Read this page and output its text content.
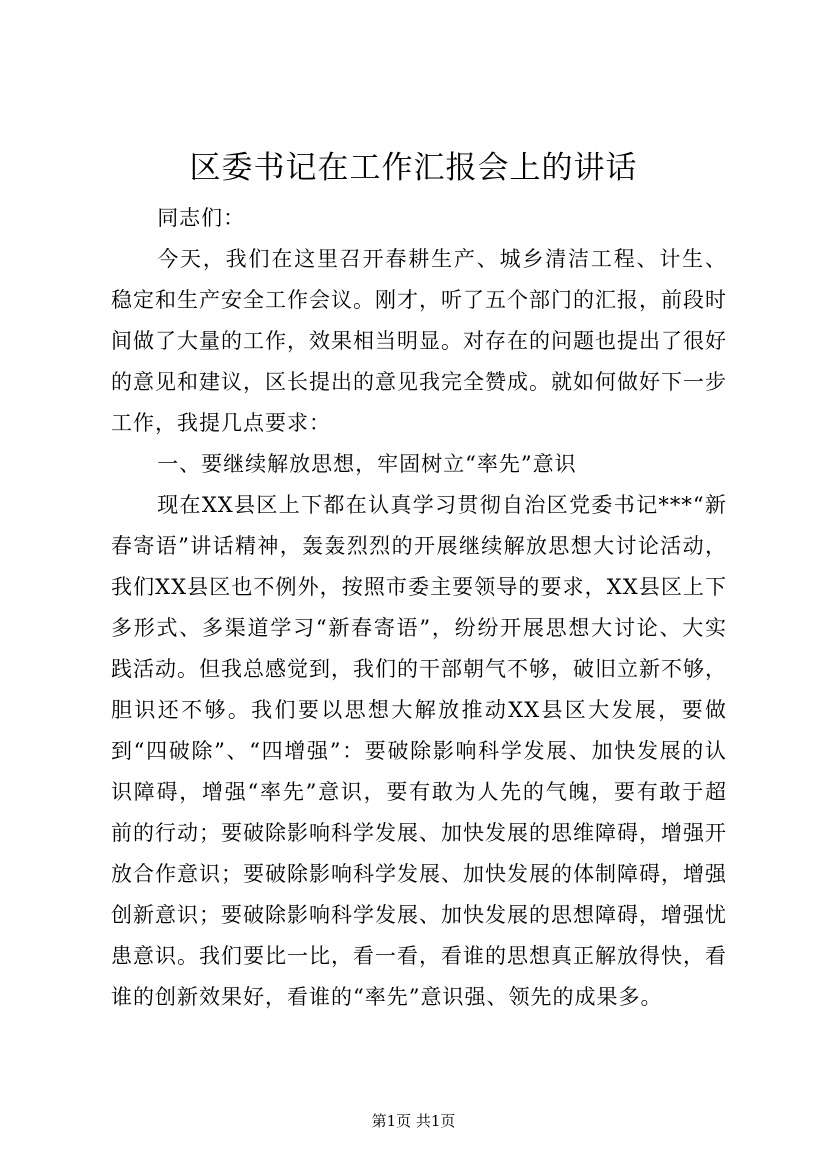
区委书记在工作汇报会上的讲话

同志们：

今天，我们在这里召开春耕生产、城乡清洁工程、计生、稳定和生产安全工作会议。刚才，听了五个部门的汇报，前段时间做了大量的工作，效果相当明显。对存在的问题也提出了很好的意见和建议，区长提出的意见我完全赞成。就如何做好下一步工作，我提几点要求：

一、要继续解放思想，牢固树立“率先”意识

现在XX县区上下都在认真学习贯彻自治区党委书记***“新春寄语”讲话精神，轰轰烈烈的开展继续解放思想大讨论活动，我们XX县区也不例外，按照市委主要领导的要求，XX县区上下多形式、多渠道学习“新春寄语”，纷纷开展思想大讨论、大实践活动。但我总感觉到，我们的干部朝气不够，破旧立新不够，胆识还不够。我们要以思想大解放推动XX县区大发展，要做到“四破除”、“四增强”：要破除影响科学发展、加快发展的认识障碍，增强“率先”意识，要有敢为人先的气魄，要有敢于超前的行动；要破除影响科学发展、加快发展的思维障碍，增强开放合作意识；要破除影响科学发展、加快发展的体制障碍，增强创新意识；要破除影响科学发展、加快发展的思想障碍，增强忧患意识。我们要比一比，看一看，看谁的思想真正解放得快，看谁的创新效果好，看谁的“率先”意识强、领先的成果多。

第1页 共1页
